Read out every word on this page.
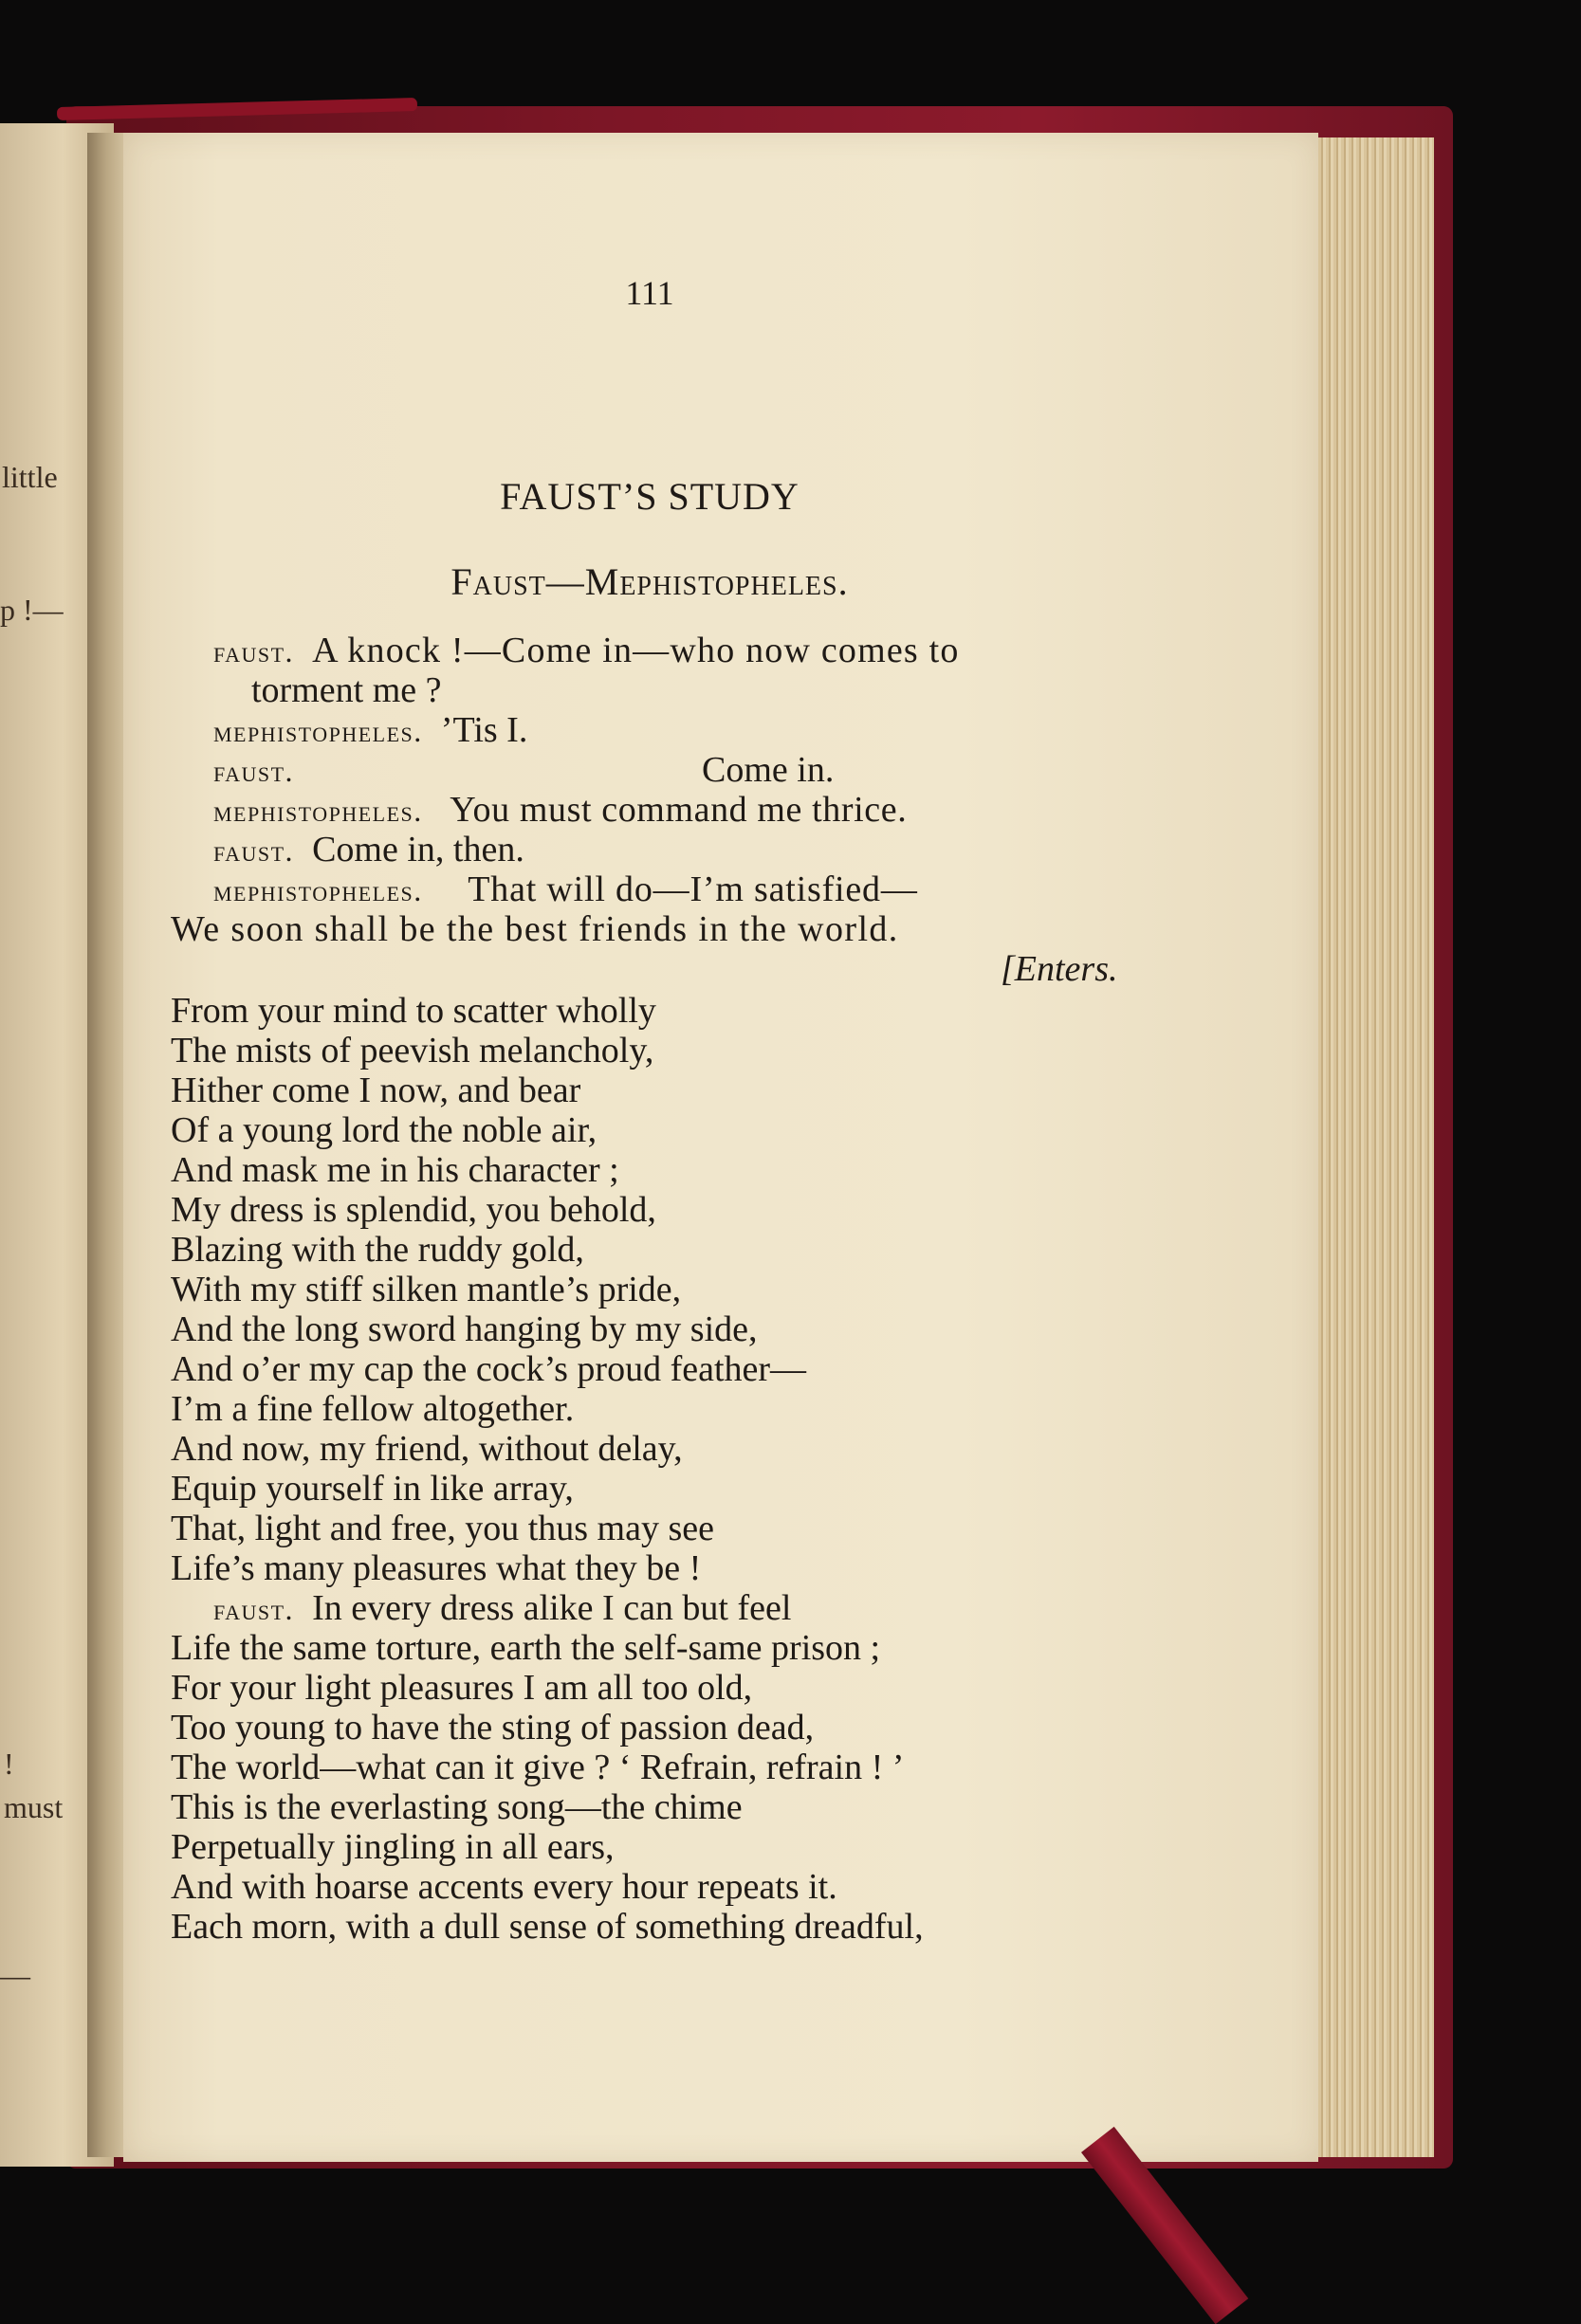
little
p !—
!
must
—
111
FAUST’S STUDY
Faust—Mephistopheles.
faust. A knock !—Come in—who now comes to
torment me ?
mephistopheles. ’Tis I.
faust.	Come in.
mephistopheles. You must command me thrice.
faust. Come in, then.
mephistopheles. That will do—I’m satisfied—
We soon shall be the best friends in the world.
[Enters.
From your mind to scatter wholly
The mists of peevish melancholy,
Hither come I now, and bear
Of a young lord the noble air,
And mask me in his character ;
My dress is splendid, you behold,
Blazing with the ruddy gold,
With my stiff silken mantle’s pride,
And the long sword hanging by my side,
And o’er my cap the cock’s proud feather—
I’m a fine fellow altogether.
And now, my friend, without delay,
Equip yourself in like array,
That, light and free, you thus may see
Life’s many pleasures what they be !
faust. In every dress alike I can but feel
Life the same torture, earth the self-same prison ;
For your light pleasures I am all too old,
Too young to have the sting of passion dead,
The world—what can it give ? ‘ Refrain, refrain ! ’
This is the everlasting song—the chime
Perpetually jingling in all ears,
And with hoarse accents every hour repeats it.
Each morn, with a dull sense of something dreadful,
